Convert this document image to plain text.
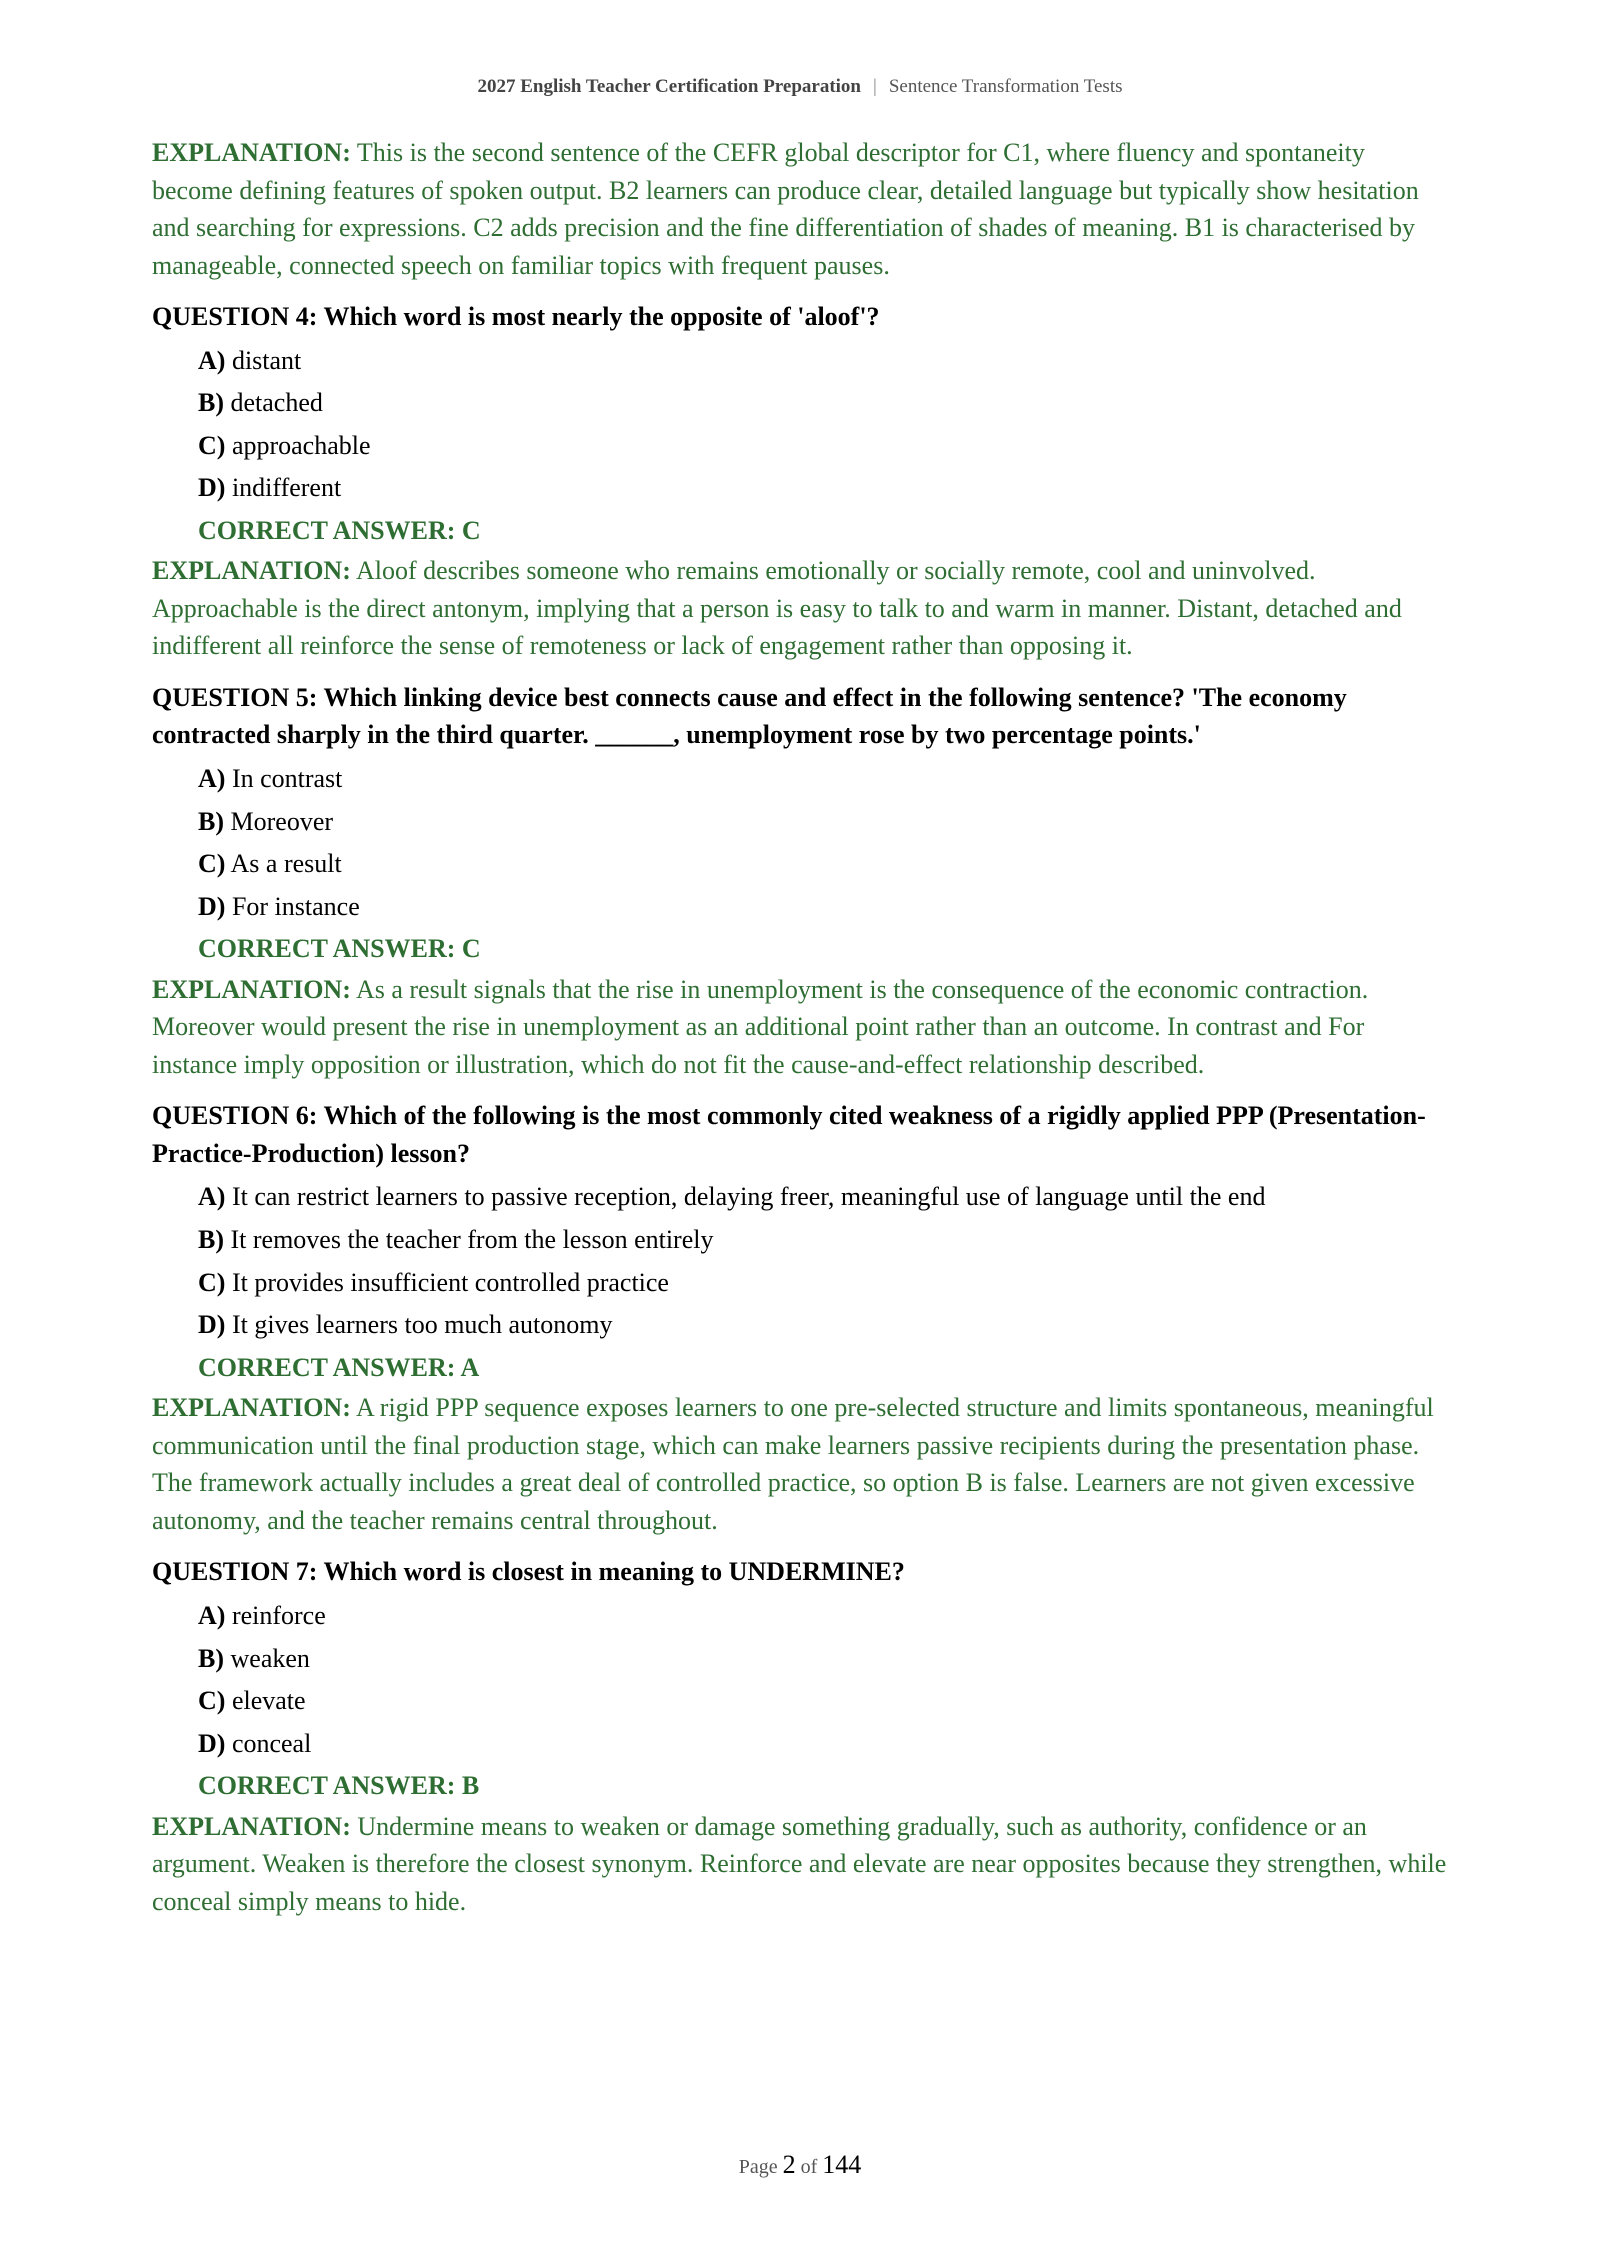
2027 English Teacher Certification Preparation | Sentence Transformation Tests

EXPLANATION: This is the second sentence of the CEFR global descriptor for C1, where fluency and spontaneity become defining features of spoken output. B2 learners can produce clear, detailed language but typically show hesitation and searching for expressions. C2 adds precision and the fine differentiation of shades of meaning. B1 is characterised by manageable, connected speech on familiar topics with frequent pauses.

QUESTION 4: Which word is most nearly the opposite of 'aloof'?

A) distant
B) detached
C) approachable
D) indifferent
CORRECT ANSWER: C

EXPLANATION: Aloof describes someone who remains emotionally or socially remote, cool and uninvolved. Approachable is the direct antonym, implying that a person is easy to talk to and warm in manner. Distant, detached and indifferent all reinforce the sense of remoteness or lack of engagement rather than opposing it.

QUESTION 5: Which linking device best connects cause and effect in the following sentence? 'The economy contracted sharply in the third quarter. ______, unemployment rose by two percentage points.'

A) In contrast
B) Moreover
C) As a result
D) For instance
CORRECT ANSWER: C

EXPLANATION: As a result signals that the rise in unemployment is the consequence of the economic contraction. Moreover would present the rise in unemployment as an additional point rather than an outcome. In contrast and For instance imply opposition or illustration, which do not fit the cause-and-effect relationship described.

QUESTION 6: Which of the following is the most commonly cited weakness of a rigidly applied PPP (Presentation-Practice-Production) lesson?

A) It can restrict learners to passive reception, delaying freer, meaningful use of language until the end
B) It removes the teacher from the lesson entirely
C) It provides insufficient controlled practice
D) It gives learners too much autonomy
CORRECT ANSWER: A

EXPLANATION: A rigid PPP sequence exposes learners to one pre-selected structure and limits spontaneous, meaningful communication until the final production stage, which can make learners passive recipients during the presentation phase. The framework actually includes a great deal of controlled practice, so option B is false. Learners are not given excessive autonomy, and the teacher remains central throughout.

QUESTION 7: Which word is closest in meaning to UNDERMINE?

A) reinforce
B) weaken
C) elevate
D) conceal
CORRECT ANSWER: B

EXPLANATION: Undermine means to weaken or damage something gradually, such as authority, confidence or an argument. Weaken is therefore the closest synonym. Reinforce and elevate are near opposites because they strengthen, while conceal simply means to hide.

Page 2 of 144
